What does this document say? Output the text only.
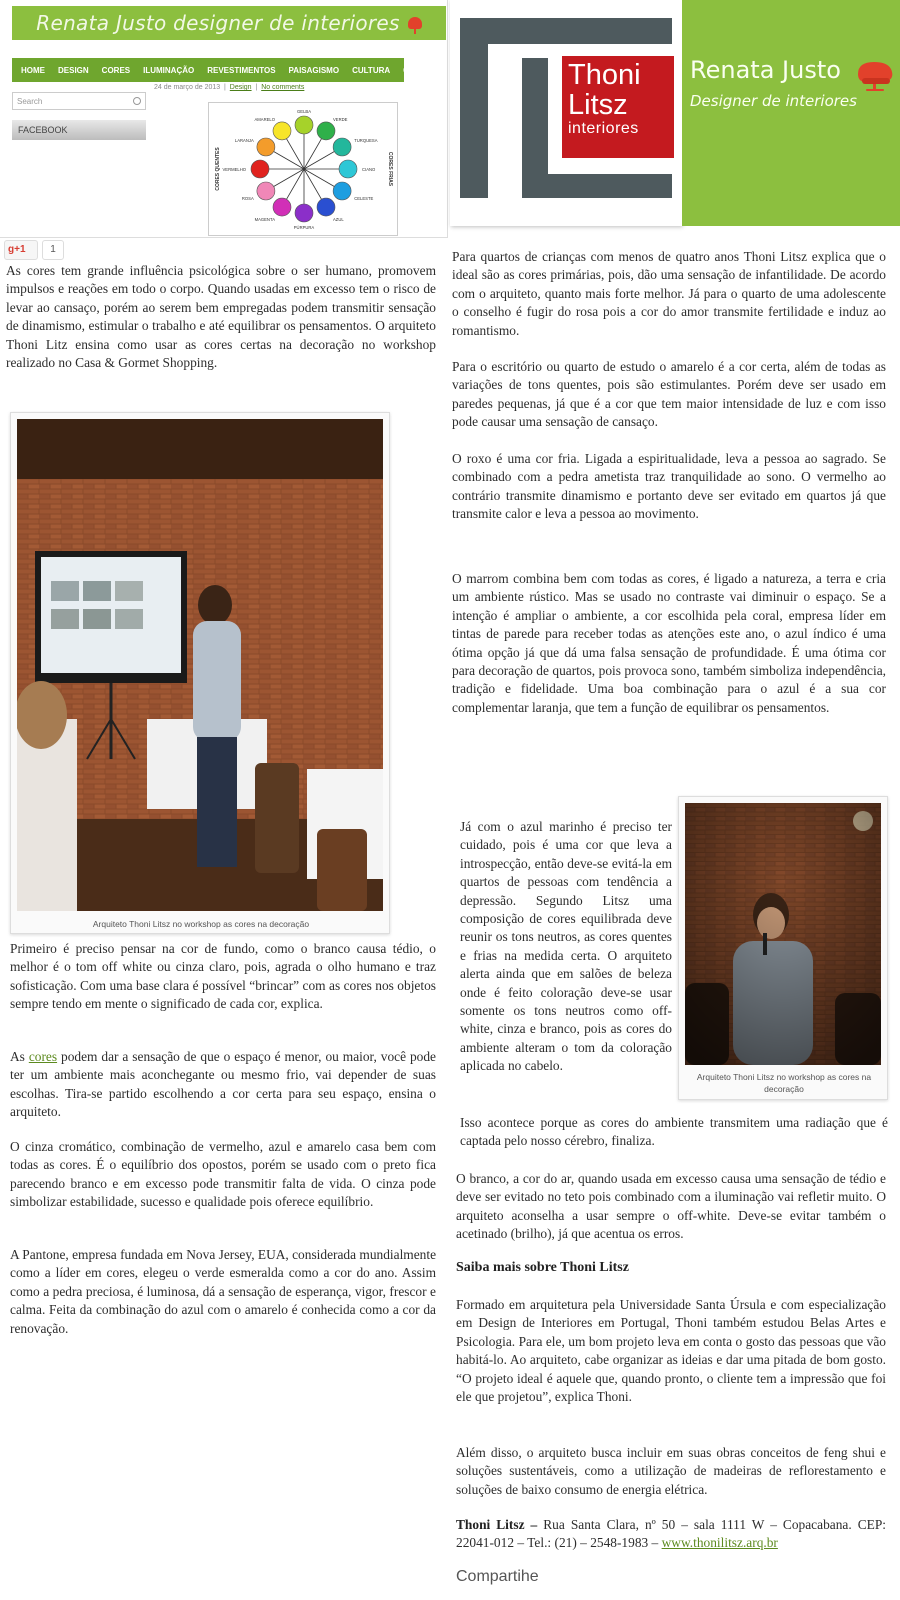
Renata Justo designer de interiores
HOME DESIGN CORES ILUMINAÇÃO REVESTIMENTOS PAISAGISMO CULTURA CONTATO
Search
FACEBOOK
24 de março de 2013  |  Design  |  No comments
VERDE
TURQUESA
CIANO
CELESTE
AZUL
PÚRPURA
MAGENTA
ROSA
VERMELHO
LARANJA
AMARELO
GELBA
CORES QUENTES	CORES FRIAS
Thoni
Litsz
interiores
Renata Justo
Designer de interiores
g+1	1

As cores tem grande influência psicológica sobre o ser humano, promovem impulsos e reações em todo o corpo. Quando usadas em excesso tem o risco de levar ao cansaço, porém ao serem bem empregadas podem transmitir sensação de dinamismo, estimular o trabalho e até equilibrar os pensamentos. O arquiteto Thoni Litz ensina como usar as cores certas na decoração no workshop realizado no Casa & Gormet Shopping.

Arquiteto Thoni Litsz no workshop as cores na decoração

Primeiro é preciso pensar na cor de fundo, como o branco causa tédio, o melhor é o tom off white ou cinza claro, pois, agrada o olho humano e traz sofisticação. Com uma base clara é possível “brincar” com as cores nos objetos sempre tendo em mente o significado de cada cor, explica.

As cores podem dar a sensação de que o espaço é menor, ou maior, você pode ter um ambiente mais aconchegante ou mesmo frio, vai depender de suas escolhas. Tira-se partido escolhendo a cor certa para seu espaço, ensina o arquiteto.

O cinza cromático, combinação de vermelho, azul e amarelo casa bem com todas as cores. É o equilíbrio dos opostos, porém se usado com o preto fica parecendo branco e em excesso pode transmitir falta de vida. O cinza pode simbolizar estabilidade, sucesso e qualidade pois oferece equilíbrio.

A Pantone, empresa fundada em Nova Jersey, EUA, considerada mundialmente como a líder em cores, elegeu o verde esmeralda como a cor do ano. Assim como a pedra preciosa, é luminosa, dá a sensação de esperança, vigor, frescor e calma. Feita da combinação do azul com o amarelo é conhecida como a cor da renovação.

Para quartos de crianças com menos de quatro anos Thoni Litsz explica que o ideal são as cores primárias, pois, dão uma sensação de infantilidade. De acordo com o arquiteto, quanto mais forte melhor. Já para o quarto de uma adolescente o conselho é fugir do rosa pois a cor do amor transmite fertilidade e induz ao romantismo.

Para o escritório ou quarto de estudo o amarelo é a cor certa, além de todas as variações de tons quentes, pois são estimulantes. Porém deve ser usado em paredes pequenas, já que é a cor que tem maior intensidade de luz e com isso pode causar uma sensação de cansaço.

O roxo é uma cor fria. Ligada a espiritualidade, leva a pessoa ao sagrado. Se combinado com a pedra ametista traz tranquilidade ao sono. O vermelho ao contrário transmite dinamismo e portanto deve ser evitado em quartos já que transmite calor e leva a pessoa ao movimento.

O marrom combina bem com todas as cores, é ligado a natureza, a terra e cria um ambiente rústico. Mas se usado no contraste vai diminuir o espaço. Se a intenção é ampliar o ambiente, a cor escolhida pela coral, empresa líder em tintas de parede para receber todas as atenções este ano, o azul índico é uma ótima opção já que dá uma falsa sensação de profundidade. É uma ótima cor para decoração de quartos, pois provoca sono, também simboliza independência, tradição e fidelidade. Uma boa combinação para o azul é a sua cor complementar laranja, que tem a função de equilibrar os pensamentos.

Já com o azul marinho é preciso ter cuidado, pois é uma cor que leva a introspecção, então deve-se evitá-la em quartos de pessoas com tendência a depressão. Segundo Litsz uma composição de cores equilibrada deve reunir os tons neutros, as cores quentes e frias na medida certa. O arquiteto alerta ainda que em salões de beleza onde é feito coloração deve-se usar somente os tons neutros como off-white, cinza e branco, pois as cores do ambiente alteram o tom da coloração aplicada no cabelo.

Isso acontece porque as cores do ambiente transmitem uma radiação que é captada pelo nosso cérebro, finaliza.

Arquiteto Thoni Litsz no workshop as cores na decoração

O branco, a cor do ar, quando usada em excesso causa uma sensação de tédio e deve ser evitado no teto pois combinado com a iluminação vai refletir muito. O arquiteto aconselha a usar sempre o off-white. Deve-se evitar também o acetinado (brilho), já que acentua os erros.

Saiba mais sobre Thoni Litsz

Formado em arquitetura pela Universidade Santa Úrsula e com especialização em Design de Interiores em Portugal, Thoni também estudou Belas Artes e Psicologia. Para ele, um bom projeto leva em conta o gosto das pessoas que vão habitá-lo. Ao arquiteto, cabe organizar as ideias e dar uma pitada de bom gosto. “O projeto ideal é aquele que, quando pronto, o cliente tem a impressão que foi ele que projetou”, explica Thoni.

Além disso, o arquiteto busca incluir em suas obras conceitos de feng shui e soluções sustentáveis, como a utilização de madeiras de reflorestamento e soluções de baixo consumo de energia elétrica.

Thoni Litsz – Rua Santa Clara, nº 50 – sala 1111 W – Copacabana. CEP: 22041-012 – Tel.: (21) – 2548-1983 – www.thonilitsz.arq.br

Compartihe
